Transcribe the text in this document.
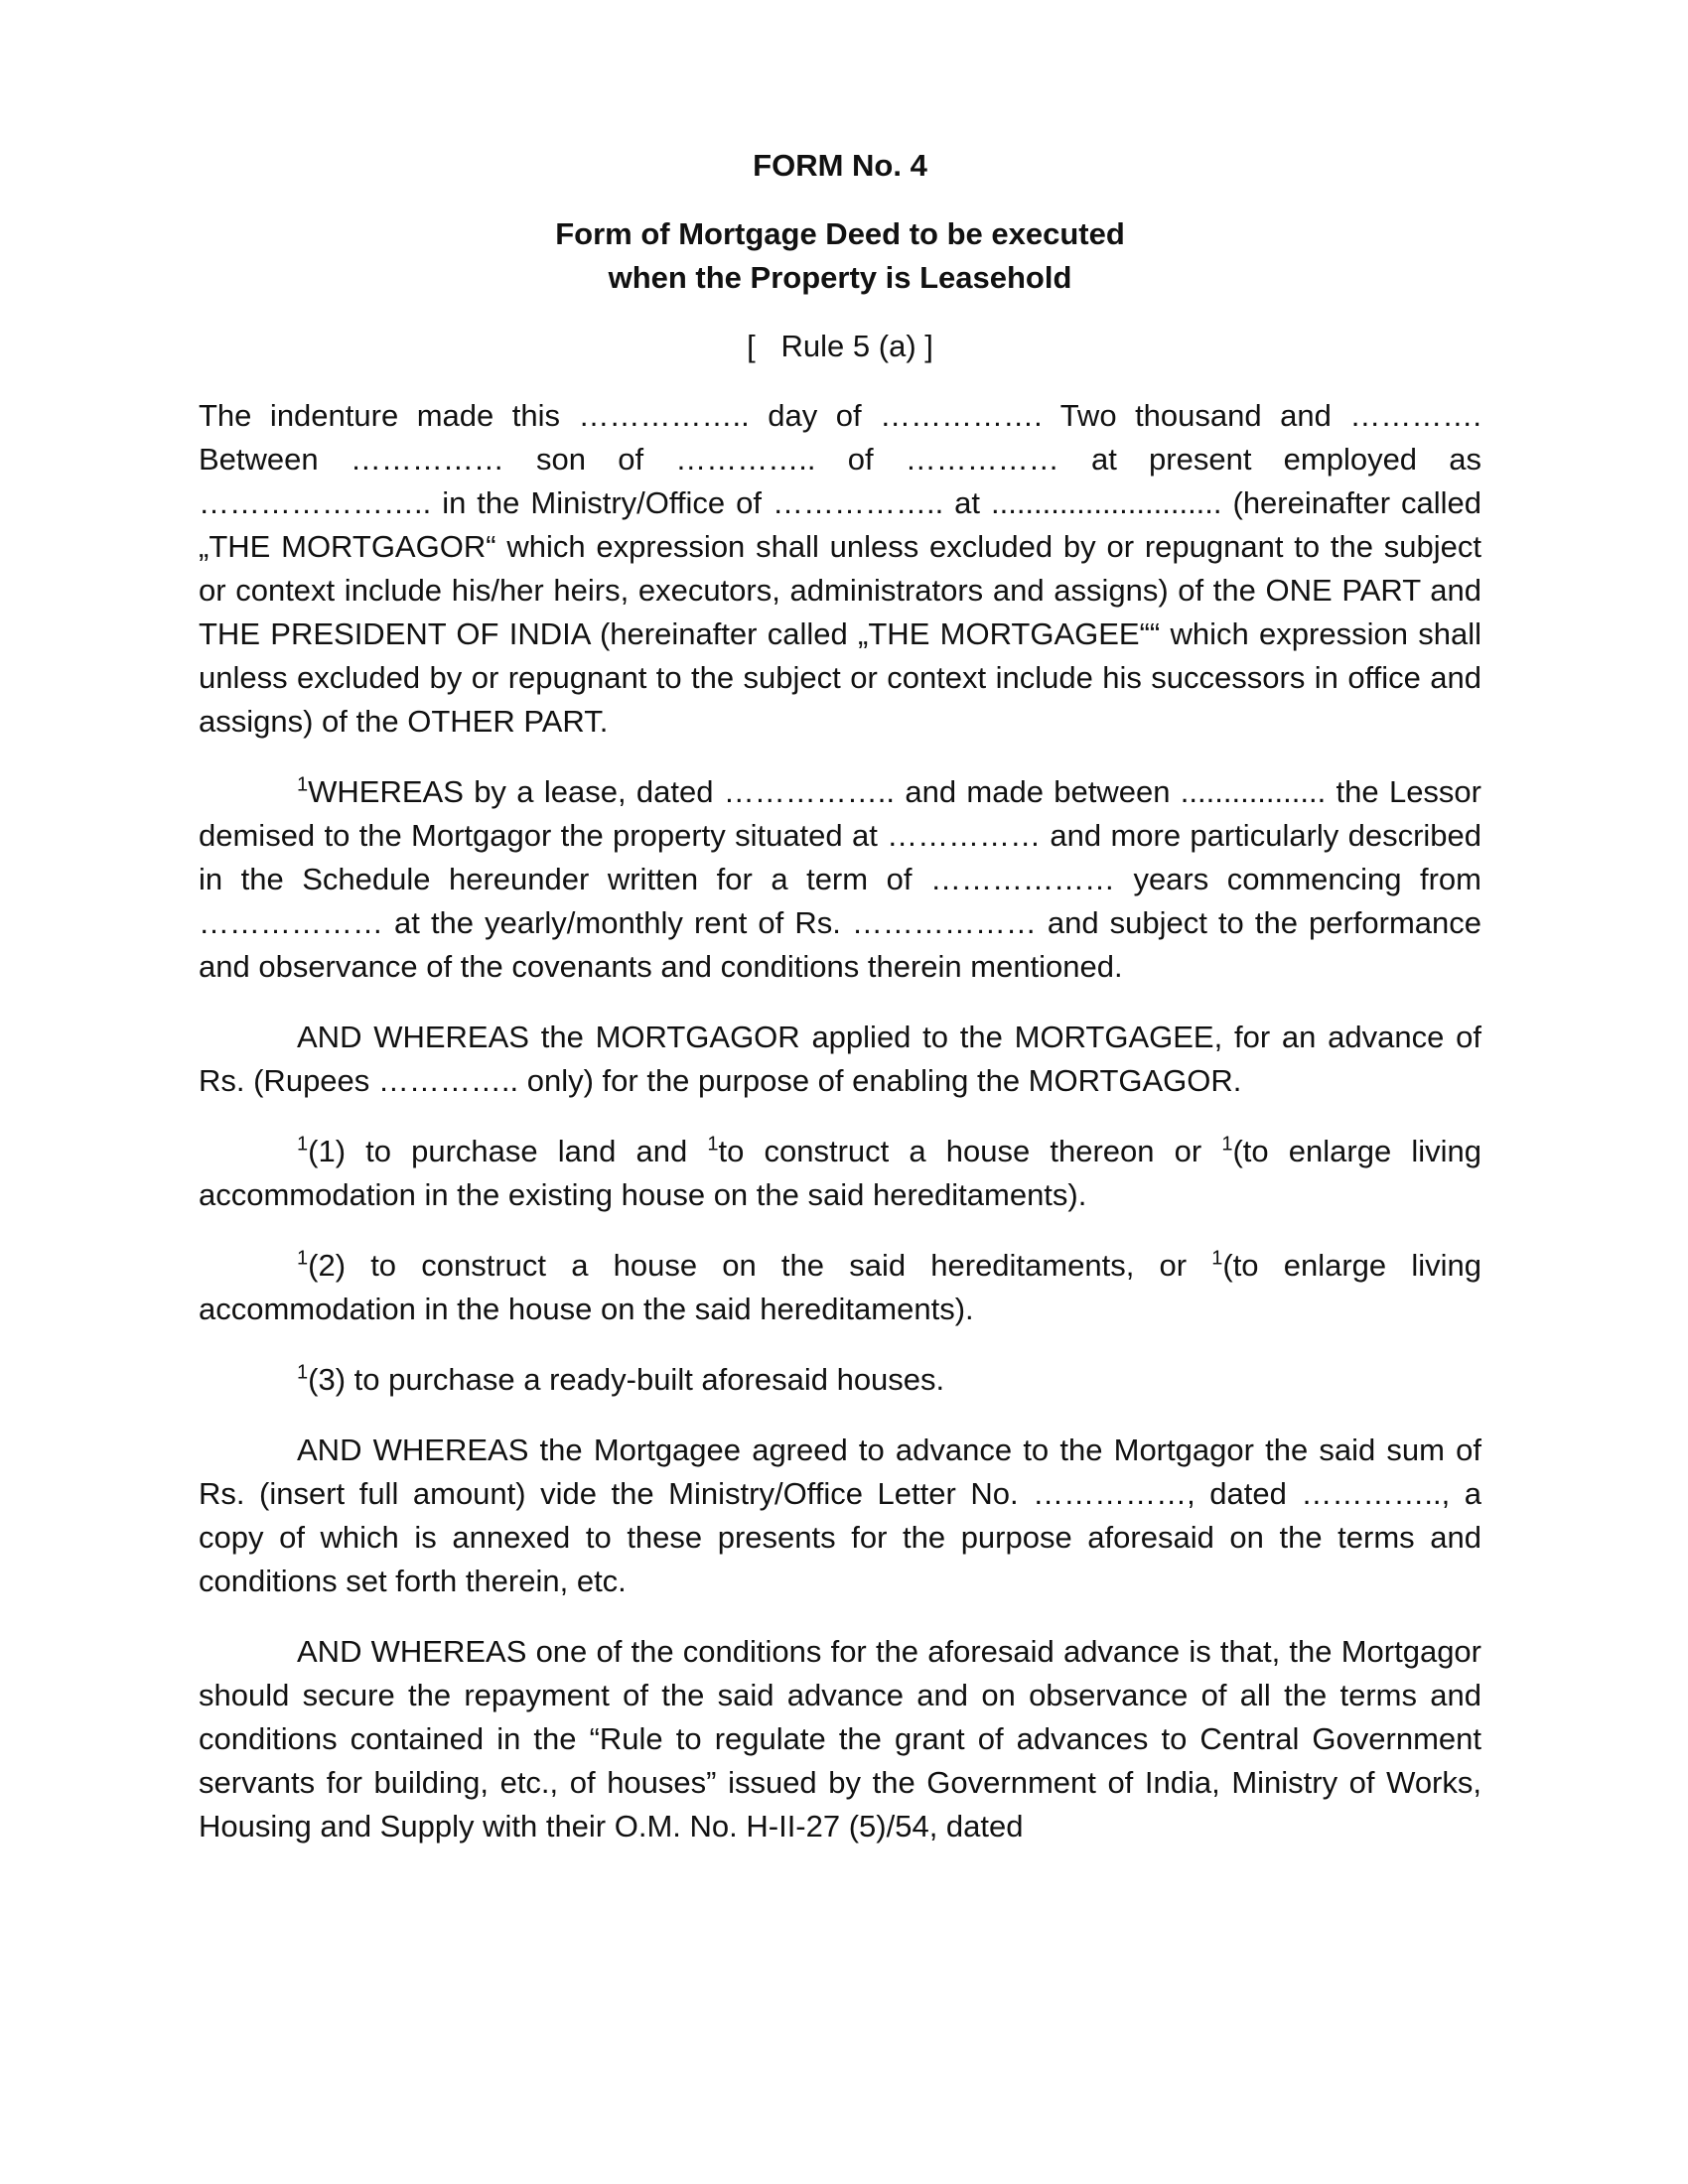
FORM No. 4
Form of Mortgage Deed to be executed
when the Property is Leasehold
[   Rule 5 (a) ]

The indenture made this …………….. day of ……………. Two thousand and …………. Between …………… son of ………….. of …………… at present employed as ………………….. in the Ministry/Office of …………….. at ........................... (hereinafter called „THE MORTGAGOR“ which expression shall unless excluded by or repugnant to the subject or context include his/her heirs, executors, administrators and assigns) of the ONE PART and THE PRESIDENT OF INDIA (hereinafter called „THE MORTGAGEE““ which expression shall unless excluded by or repugnant to the subject or context include his successors in office and assigns) of the OTHER PART.

$^1$WHEREAS by a lease, dated …………….. and made between ................. the Lessor demised to the Mortgagor the property situated at …………… and more particularly described in the Schedule hereunder written for a term of ……………… years commencing from ……………… at the yearly/monthly rent of Rs. ……………… and subject to the performance and observance of the covenants and conditions therein mentioned.

AND WHEREAS the MORTGAGOR applied to the MORTGAGEE, for an advance of Rs. (Rupees ………….. only) for the purpose of enabling the MORTGAGOR.

$^1$(1) to purchase land and $^1$to construct a house thereon or $^1$(to enlarge living accommodation in the existing house on the said hereditaments).

$^1$(2) to construct a house on the said hereditaments, or $^1$(to enlarge living accommodation in the house on the said hereditaments).

$^1$(3) to purchase a ready-built aforesaid houses.

AND WHEREAS the Mortgagee agreed to advance to the Mortgagor the said sum of Rs. (insert full amount) vide the Ministry/Office Letter No. ……………, dated ………….., a copy of which is annexed to these presents for the purpose aforesaid on the terms and conditions set forth therein, etc.

AND WHEREAS one of the conditions for the aforesaid advance is that, the Mortgagor should secure the repayment of the said advance and on observance of all the terms and conditions contained in the “Rule to regulate the grant of advances to Central Government servants for building, etc., of houses” issued by the Government of India, Ministry of Works, Housing and Supply with their O.M. No. H-II-27 (5)/54, dated
